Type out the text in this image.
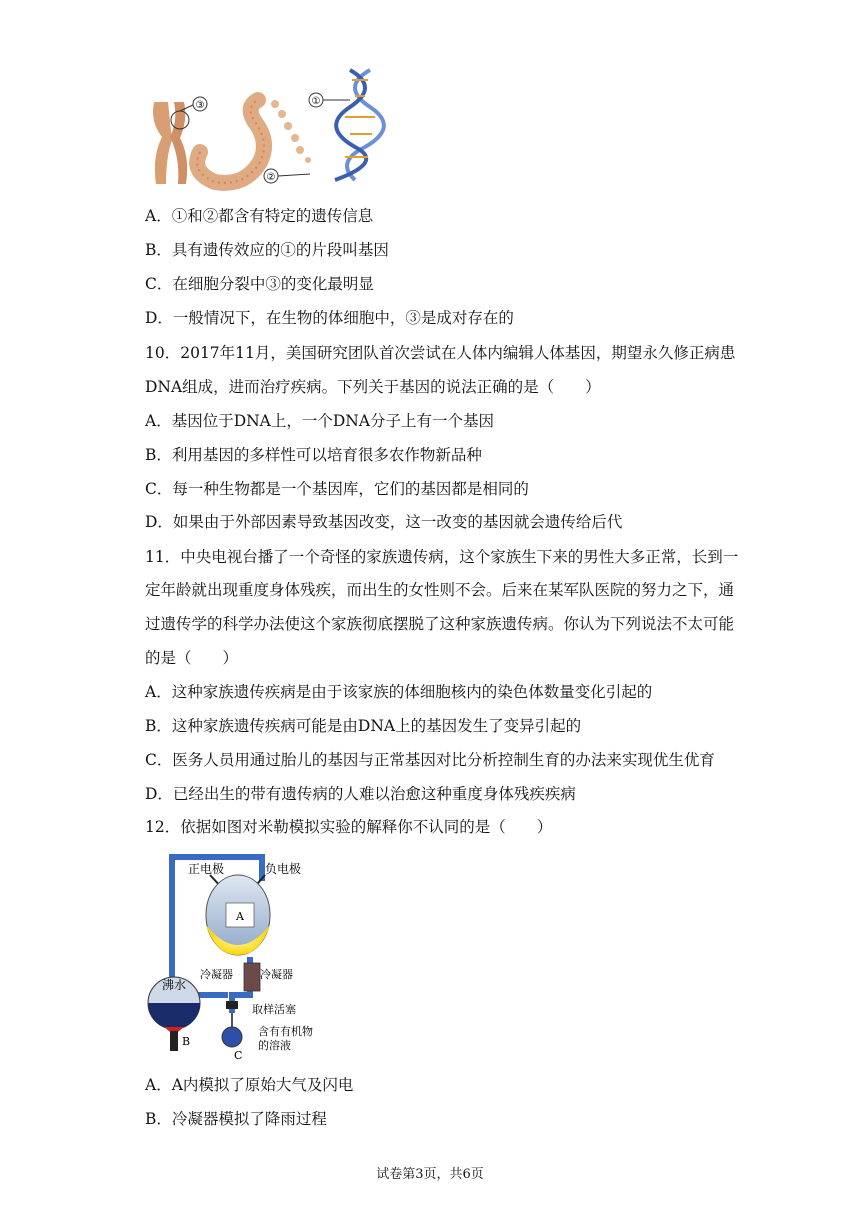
③	①
②
A．①和②都含有特定的遗传信息
B．具有遗传效应的①的片段叫基因
C．在细胞分裂中③的变化最明显
D．一般情况下，在生物的体细胞中，③是成对存在的
10．2017年11月，美国研究团队首次尝试在人体内编辑人体基因，期望永久修正病患
DNA组成，进而治疗疾病。下列关于基因的说法正确的是（　　）
A．基因位于DNA上，一个DNA分子上有一个基因
B．利用基因的多样性可以培育很多农作物新品种
C．每一种生物都是一个基因库，它们的基因都是相同的
D．如果由于外部因素导致基因改变，这一改变的基因就会遗传给后代
11．中央电视台播了一个奇怪的家族遗传病，这个家族生下来的男性大多正常，长到一
定年龄就出现重度身体残疾，而出生的女性则不会。后来在某军队医院的努力之下，通
过遗传学的科学办法使这个家族彻底摆脱了这种家族遗传病。你认为下列说法不太可能
的是（　　）
A．这种家族遗传疾病是由于该家族的体细胞核内的染色体数量变化引起的
B．这种家族遗传疾病可能是由DNA上的基因发生了变异引起的
C．医务人员用通过胎儿的基因与正常基因对比分析控制生育的办法来实现优生优育
D．已经出生的带有遗传病的人难以治愈这种重度身体残疾疾病
12．依据如图对米勒模拟实验的解释你不认同的是（　　）
正电极	负电极
A
冷凝器 冷凝器
沸水
B
取样活塞
C
含有有机物
的溶液
A．A内模拟了原始大气及闪电
B．冷凝器模拟了降雨过程
试卷第3页，共6页
